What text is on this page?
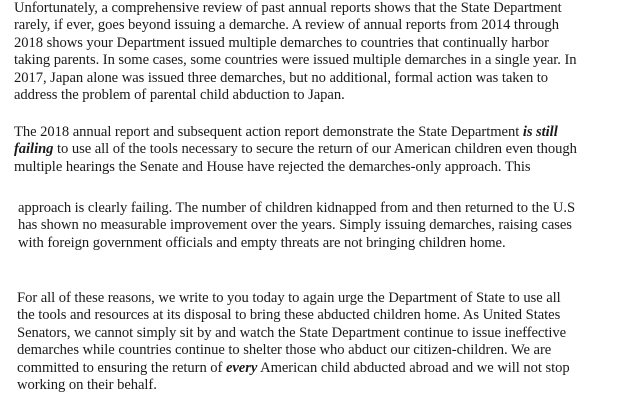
Unfortunately, a comprehensive review of past annual reports shows that the State Department
rarely, if ever, goes beyond issuing a demarche. A review of annual reports from 2014 through
2018 shows your Department issued multiple demarches to countries that continually harbor
taking parents. In some cases, some countries were issued multiple demarches in a single year. In
2017, Japan alone was issued three demarches, but no additional, formal action was taken to
address the problem of parental child abduction to Japan.

The 2018 annual report and subsequent action report demonstrate the State Department is still
failing to use all of the tools necessary to secure the return of our American children even though
multiple hearings the Senate and House have rejected the demarches-only approach. This

approach is clearly failing. The number of children kidnapped from and then returned to the U.S
has shown no measurable improvement over the years. Simply issuing demarches, raising cases
with foreign government officials and empty threats are not bringing children home.

For all of these reasons, we write to you today to again urge the Department of State to use all
the tools and resources at its disposal to bring these abducted children home. As United States
Senators, we cannot simply sit by and watch the State Department continue to issue ineffective
demarches while countries continue to shelter those who abduct our citizen-children. We are
committed to ensuring the return of every American child abducted abroad and we will not stop
working on their behalf.
